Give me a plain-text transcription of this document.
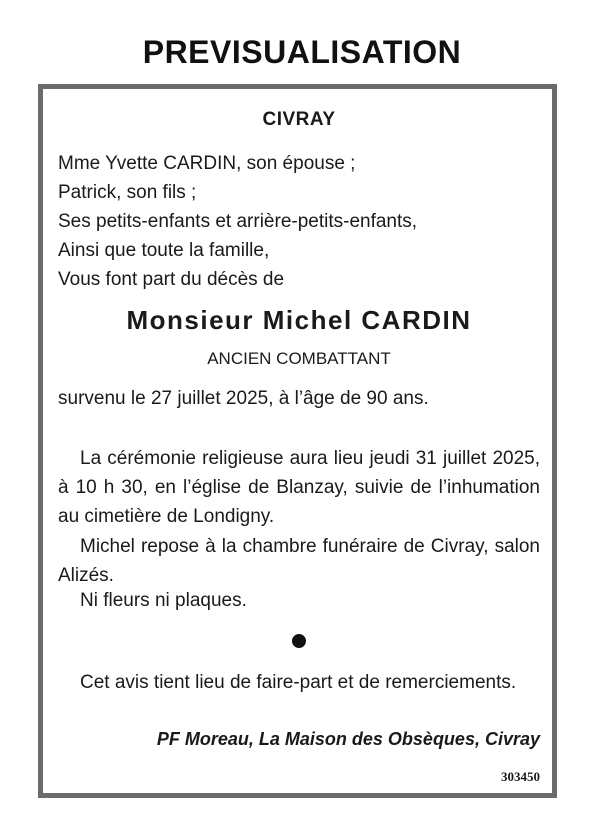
PREVISUALISATION
CIVRAY
Mme Yvette CARDIN, son épouse ;
Patrick, son fils ;
Ses petits-enfants et arrière-petits-enfants,
Ainsi que toute la famille,
Vous font part du décès de
Monsieur Michel CARDIN
ANCIEN COMBATTANT
survenu le 27 juillet 2025, à l’âge de 90 ans.
La cérémonie religieuse aura lieu jeudi 31 juillet 2025, à 10 h 30, en l’église de Blanzay, suivie de l’inhumation au cimetière de Londigny.
Michel repose à la chambre funéraire de Civray, salon Alizés.
Ni fleurs ni plaques.
Cet avis tient lieu de faire-part et de remerciements.
PF Moreau, La Maison des Obsèques, Civray
303450
